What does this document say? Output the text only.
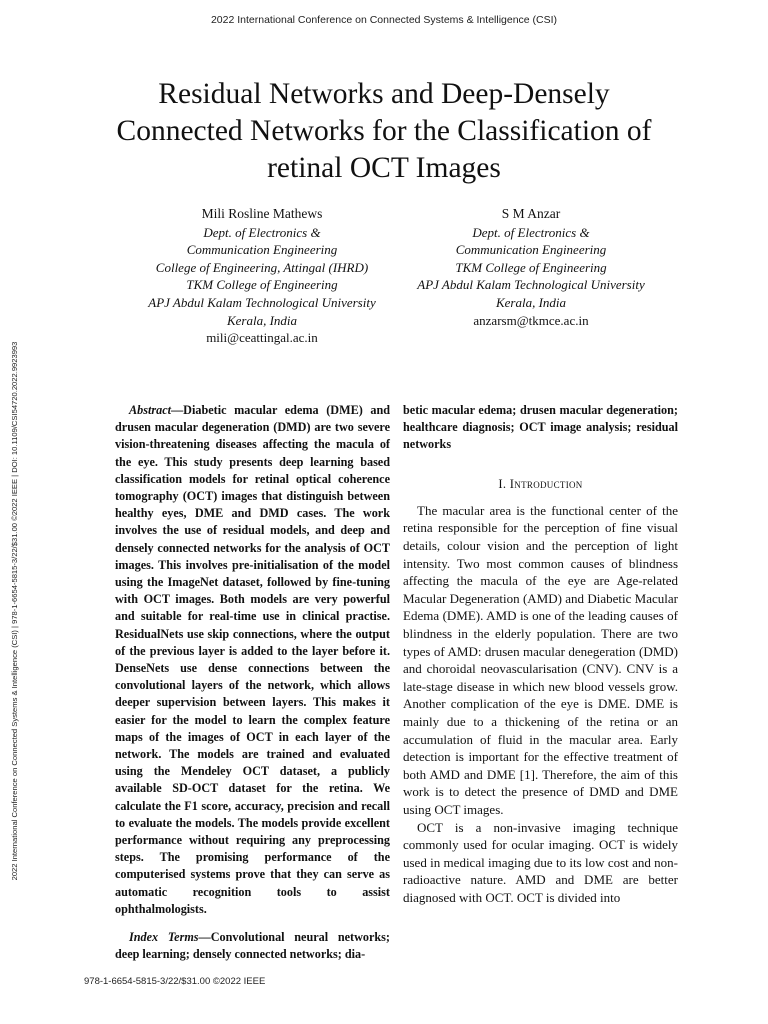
2022 International Conference on Connected Systems & Intelligence (CSI)
Residual Networks and Deep-Densely Connected Networks for the Classification of retinal OCT Images
Mili Rosline Mathews
Dept. of Electronics &
Communication Engineering
College of Engineering, Attingal (IHRD)
TKM College of Engineering
APJ Abdul Kalam Technological University
Kerala, India
mili@ceattingal.ac.in
S M Anzar
Dept. of Electronics &
Communication Engineering
TKM College of Engineering
APJ Abdul Kalam Technological University
Kerala, India
anzarsm@tkmce.ac.in
2022 International Conference on Connected Systems & Intelligence (CSI) | 978-1-6654-5815-3/22/$31.00 ©2022 IEEE | DOI: 10.1109/CSI54720.2022.9923993	Abstract—Diabetic macular edema (DME) and drusen macular degeneration (DMD) are two severe vision-threatening diseases affecting the macula of the eye. This study presents deep learning based classification models for retinal optical coherence tomography (OCT) images that distinguish between healthy eyes, DME and DMD cases. The work involves the use of residual models, and deep and densely connected networks for the analysis of OCT images. This involves pre-initialisation of the model using the ImageNet dataset, followed by fine-tuning with OCT images. Both models are very powerful and suitable for real-time use in clinical practise. ResidualNets use skip connections, where the output of the previous layer is added to the layer before it. DenseNets use dense connections between the convolutional layers of the network, which allows deeper supervision between layers. This makes it easier for the model to learn the complex feature maps of the images of OCT in each layer of the network. The models are trained and evaluated using the Mendeley OCT dataset, a publicly available SD-OCT dataset for the retina. We calculate the F1 score, accuracy, precision and recall to evaluate the models. The models provide excellent performance without requiring any preprocessing steps. The promising performance of the computerised systems prove that they can serve as automatic recognition tools to assist ophthalmologists.

Index Terms—Convolutional neural networks; deep learning; densely connected networks; dia-

betic macular edema; drusen macular degeneration; healthcare diagnosis; OCT image analysis; residual networks

I. Introduction

The macular area is the functional center of the retina responsible for the perception of fine visual details, colour vision and the perception of light intensity. Two most common causes of blindness affecting the macula of the eye are Age-related Macular Degeneration (AMD) and Diabetic Macular Edema (DME). AMD is one of the leading causes of blindness in the elderly population. There are two types of AMD: drusen macular denegeration (DMD) and choroidal neovascularisation (CNV). CNV is a late-stage disease in which new blood vessels grow. Another complication of the eye is DME. DME is mainly due to a thickening of the retina or an accumulation of fluid in the macular area. Early detection is important for the effective treatment of both AMD and DME [1]. Therefore, the aim of this work is to detect the presence of DMD and DME using OCT images.

OCT is a non-invasive imaging technique commonly used for ocular imaging. OCT is widely used in medical imaging due to its low cost and non-radioactive nature. AMD and DME are better diagnosed with OCT. OCT is divided into

978-1-6654-5815-3/22/$31.00 ©2022 IEEE
